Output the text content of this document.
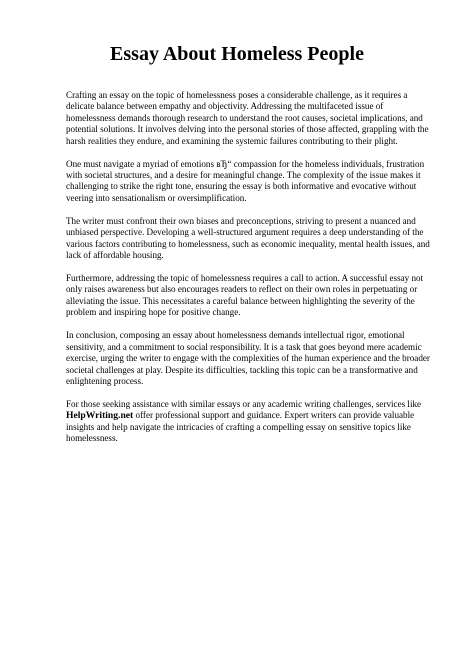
Essay About Homeless People

Crafting an essay on the topic of homelessness poses a considerable challenge, as it requires a delicate balance between empathy and objectivity. Addressing the multifaceted issue of homelessness demands thorough research to understand the root causes, societal implications, and potential solutions. It involves delving into the personal stories of those affected, grappling with the harsh realities they endure, and examining the systemic failures contributing to their plight.

One must navigate a myriad of emotions вЂ“ compassion for the homeless individuals, frustration with societal structures, and a desire for meaningful change. The complexity of the issue makes it challenging to strike the right tone, ensuring the essay is both informative and evocative without veering into sensationalism or oversimplification.

The writer must confront their own biases and preconceptions, striving to present a nuanced and unbiased perspective. Developing a well-structured argument requires a deep understanding of the various factors contributing to homelessness, such as economic inequality, mental health issues, and lack of affordable housing.

Furthermore, addressing the topic of homelessness requires a call to action. A successful essay not only raises awareness but also encourages readers to reflect on their own roles in perpetuating or alleviating the issue. This necessitates a careful balance between highlighting the severity of the problem and inspiring hope for positive change.

In conclusion, composing an essay about homelessness demands intellectual rigor, emotional sensitivity, and a commitment to social responsibility. It is a task that goes beyond mere academic exercise, urging the writer to engage with the complexities of the human experience and the broader societal challenges at play. Despite its difficulties, tackling this topic can be a transformative and enlightening process.

For those seeking assistance with similar essays or any academic writing challenges, services like HelpWriting.net offer professional support and guidance. Expert writers can provide valuable insights and help navigate the intricacies of crafting a compelling essay on sensitive topics like homelessness.
